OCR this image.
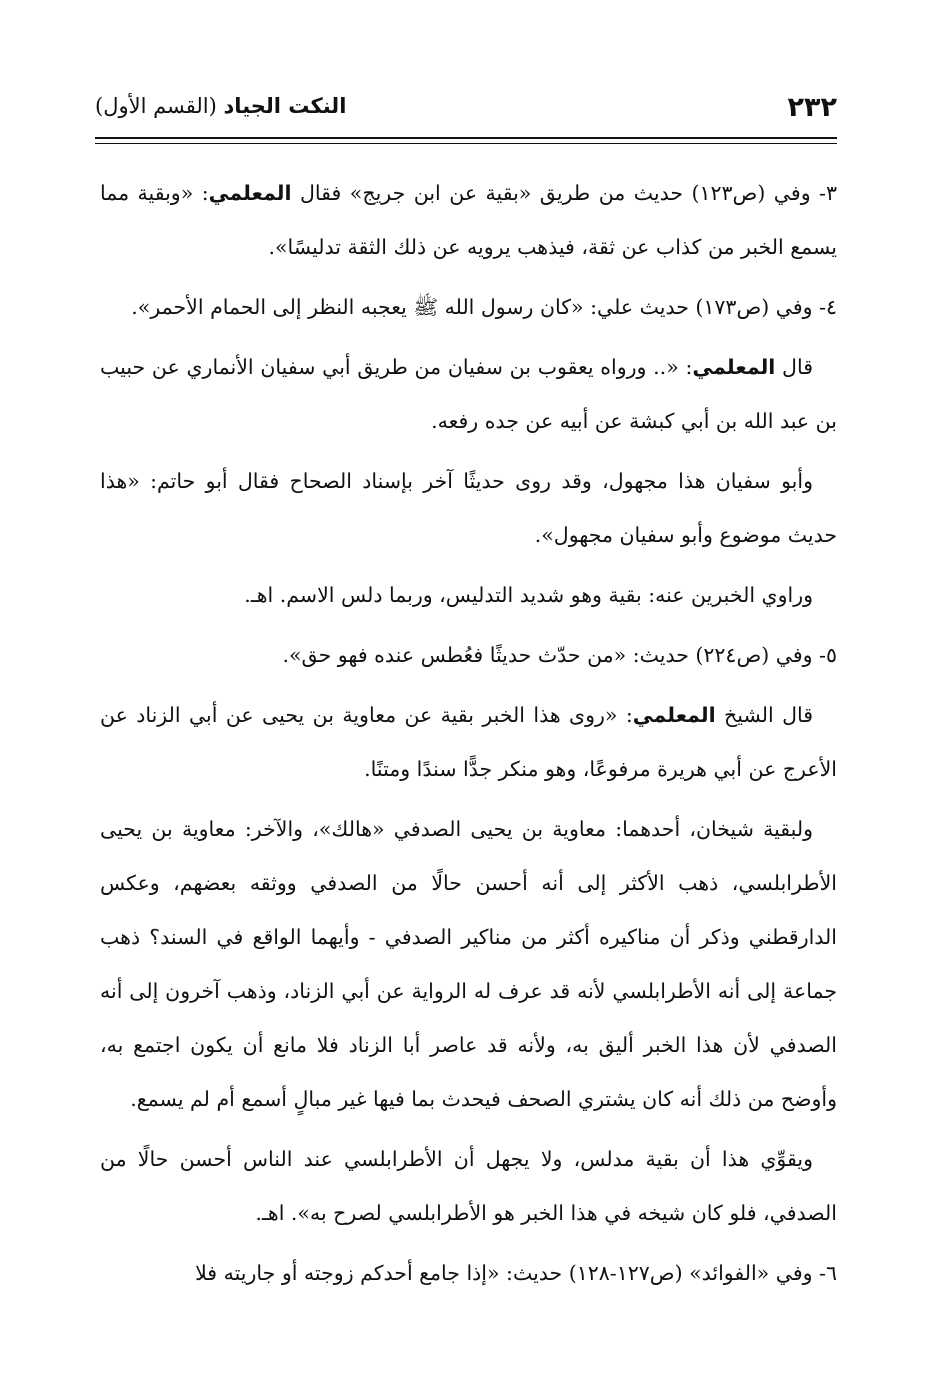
٢٣٢
النكت الجياد (القسم الأول)

٣- وفي (ص١٢٣) حديث من طريق «بقية عن ابن جريج» فقال المعلمي: «وبقية مما يسمع الخبر من كذاب عن ثقة، فيذهب يرويه عن ذلك الثقة تدليسًا».

٤- وفي (ص١٧٣) حديث علي: «كان رسول الله ﷺ يعجبه النظر إلى الحمام الأحمر».

قال المعلمي: «.. ورواه يعقوب بن سفيان من طريق أبي سفيان الأنماري عن حبيب بن عبد الله بن أبي كبشة عن أبيه عن جده رفعه.

وأبو سفيان هذا مجهول، وقد روى حديثًا آخر بإسناد الصحاح فقال أبو حاتم: «هذا حديث موضوع وأبو سفيان مجهول».

وراوي الخبرين عنه: بقية وهو شديد التدليس، وربما دلس الاسم. اهـ.

٥- وفي (ص٢٢٤) حديث: «من حدّث حديثًا فعُطس عنده فهو حق».

قال الشيخ المعلمي: «روى هذا الخبر بقية عن معاوية بن يحيى عن أبي الزناد عن الأعرج عن أبي هريرة مرفوعًا، وهو منكر جدًّا سندًا ومتنًا.

ولبقية شيخان، أحدهما: معاوية بن يحيى الصدفي «هالك»، والآخر: معاوية بن يحيى الأطرابلسي، ذهب الأكثر إلى أنه أحسن حالًا من الصدفي ووثقه بعضهم، وعكس الدارقطني وذكر أن مناكيره أكثر من مناكير الصدفي - وأيهما الواقع في السند؟ ذهب جماعة إلى أنه الأطرابلسي لأنه قد عرف له الرواية عن أبي الزناد، وذهب آخرون إلى أنه الصدفي لأن هذا الخبر أليق به، ولأنه قد عاصر أبا الزناد فلا مانع أن يكون اجتمع به، وأوضح من ذلك أنه كان يشتري الصحف فيحدث بما فيها غير مبالٍ أسمع أم لم يسمع.

ويقوِّي هذا أن بقية مدلس، ولا يجهل أن الأطرابلسي عند الناس أحسن حالًا من الصدفي، فلو كان شيخه في هذا الخبر هو الأطرابلسي لصرح به». اهـ.

٦- وفي «الفوائد» (ص١٢٧-١٢٨) حديث: «إذا جامع أحدكم زوجته أو جاريته فلا
